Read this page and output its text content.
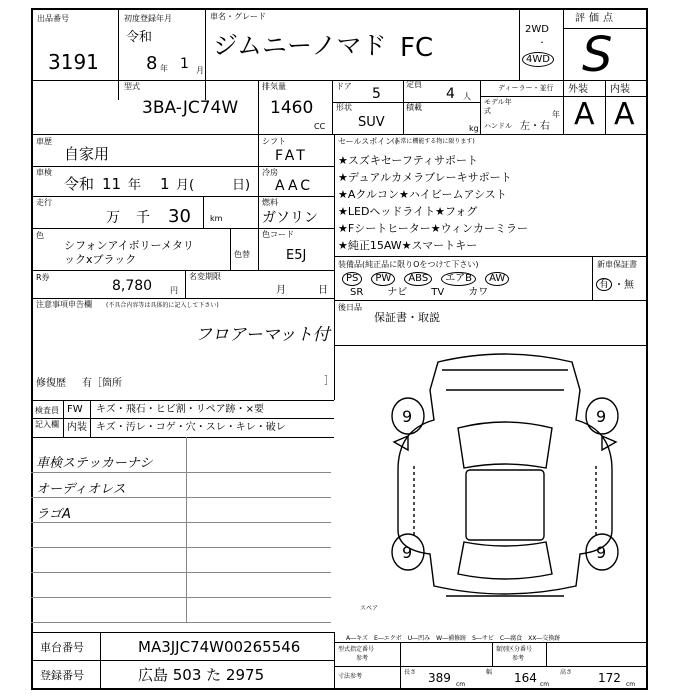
出品番号
3191
初度登録年月
令和
8 年 1 月
車名・グレード
ジムニーノマド FC
2WD
・
4WD
評価点
S
型式
3BA-JC74W
排気量
1460
CC
ドア 5
定員
4 人
ディーラー・並行
形状
SUV
積載
kg
モデル年式	年
ハンドル 左・右
外装 内装
A A
車歴
自家用
シフト
FAT
車検
令和 11 年 1 月(	日)
冷房
AAC
走行
万 千 30 km
燃料
ガソリン
色
シフォンアイボリーメタリ
ックxブラック	色替
色コード
E5J
R券
8,780 円
名変期限
月	日
注意事項申告欄 (不具合内容等は具体的に記入して下さい)
フロアーマット付
修復歴 有［箇所	］
セールスポイント
(正常に機能する物に限ります)
★スズキセーフティサポート
★デュアルカメラブレーキサポート
★Aクルコン★ハイビームアシスト
★LEDヘッドライト★フォグ
★Fシートヒーター★ウィンカーミラー
★純正15AW★スマートキー
装備品 (純正品に限りOをつけて下さい)	新車保証書
PS	PW	ABS	エアB	AW
SR ナビ TV カワ
有 ・ 無
後日品
保証書・取説
検査員
記入欄
FW キズ・飛石・ヒビ割・リペア跡・×要
内装 キズ・汚レ・コゲ・穴・スレ・キレ・破レ
車検ステッカーナシ
オーディオレス
ラゴA
9	9
9	9
スペア
A―キズ　E―エクボ　U―凹み　W―補修跡　S―サビ　C―腐食　XX―交換跡
車台番号	MA3JJC74W00265546
登録番号	広島 503 た 2975
型式指定番号
参考
類別区分番号
参考
寸法参考
長さ 389 cm
幅 164 cm
高さ 172 cm
